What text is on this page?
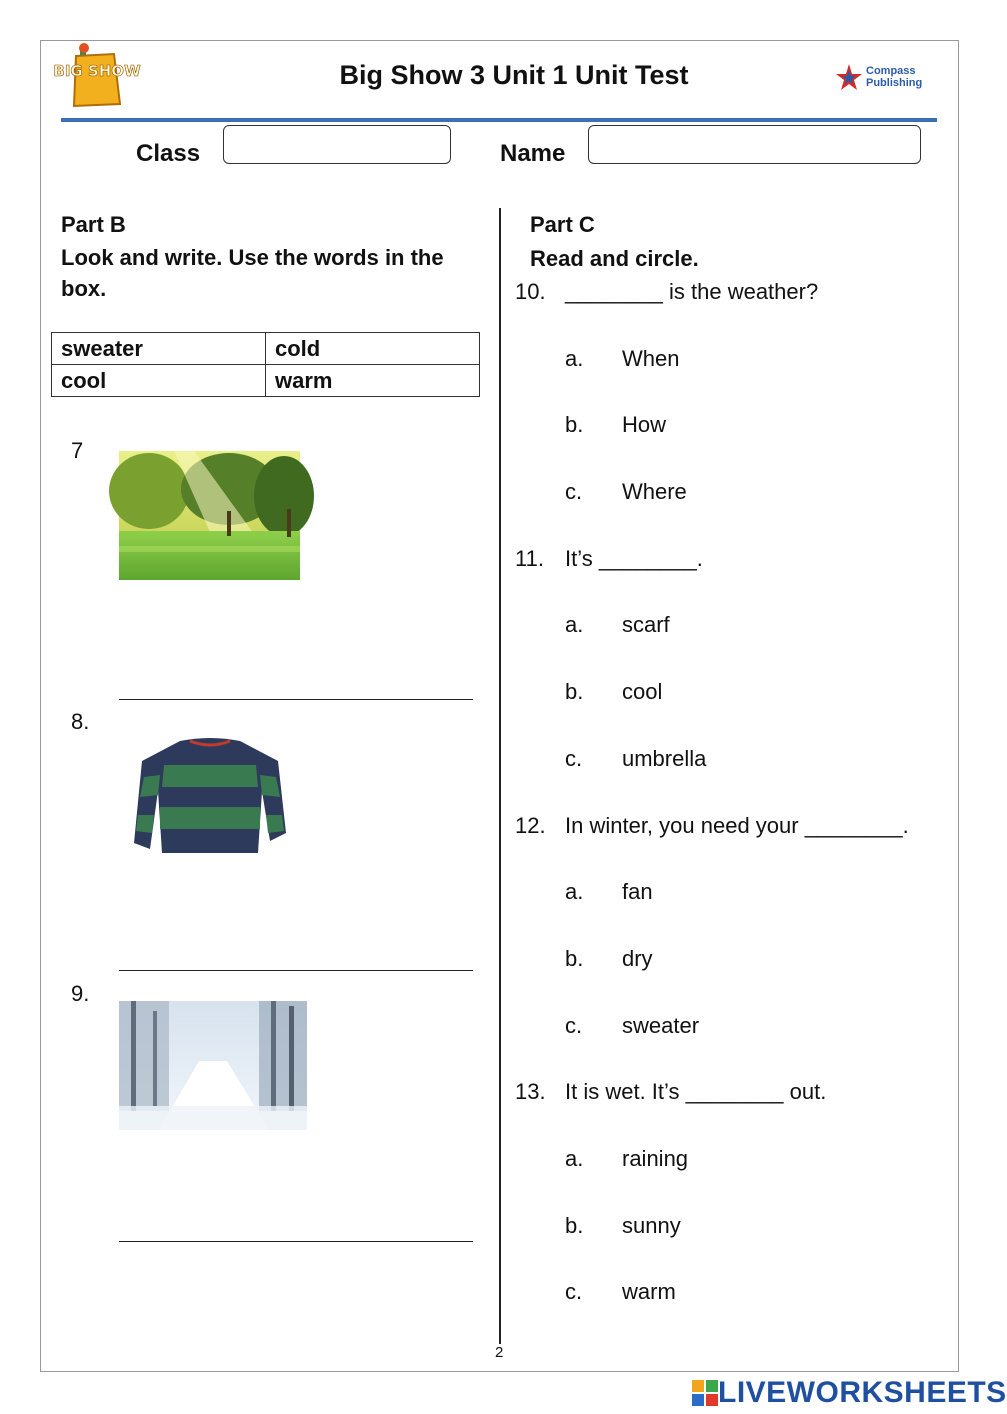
BIG SHOW	Big Show 3 Unit 1 Unit Test	Compass
Publishing
Class	Name
Part B
Look and write. Use the words in the
box.
sweater	cold
cool	warm
7
8.
9.
Part C
Read and circle.
10. ________ is the weather?
a. When
b. How
c. Where
11. It’s ________.
a. scarf
b. cool
c. umbrella
12. In winter, you need your ________.
a. fan
b. dry
c. sweater
13. It is wet. It’s ________ out.
a. raining
b. sunny
c. warm
2
LIVEWORKSHEETS
